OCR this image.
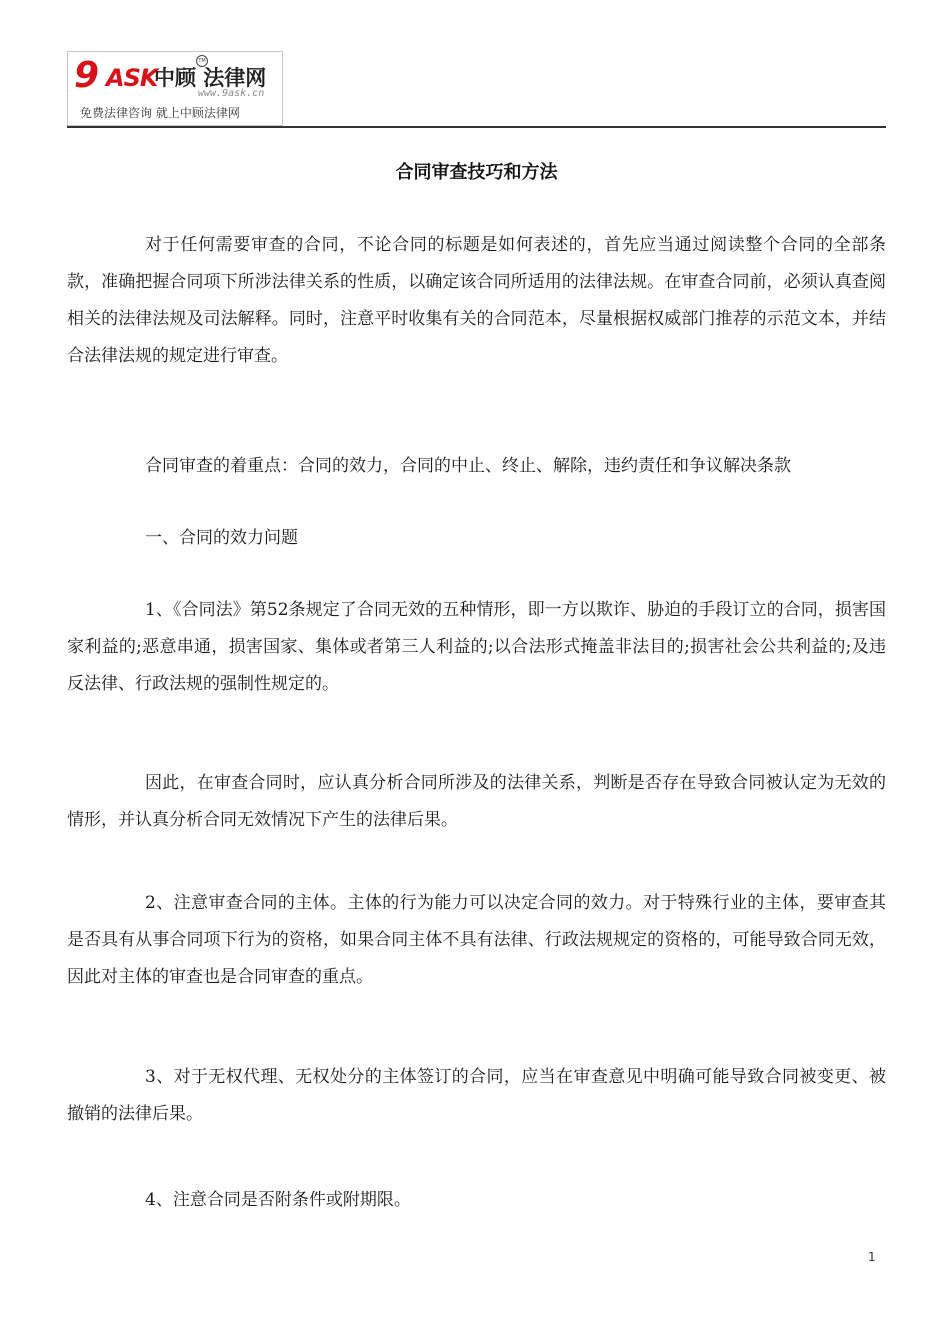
9 ASK
中顾 法律网
TM
www.9ask.cn
免费法律咨询 就上中顾法律网
合同审查技巧和方法

对于任何需要审查的合同，不论合同的标题是如何表述的，首先应当通过阅读整个合同的全部条款，准确把握合同项下所涉法律关系的性质，以确定该合同所适用的法律法规。在审查合同前，必须认真查阅相关的法律法规及司法解释。同时，注意平时收集有关的合同范本，尽量根据权威部门推荐的示范文本，并结合法律法规的规定进行审查。

合同审查的着重点：合同的效力，合同的中止、终止、解除，违约责任和争议解决条款

一、合同的效力问题

1、《合同法》第52条规定了合同无效的五种情形，即一方以欺诈、胁迫的手段订立的合同，损害国家利益的;恶意串通，损害国家、集体或者第三人利益的;以合法形式掩盖非法目的;损害社会公共利益的;及违反法律、行政法规的强制性规定的。

因此，在审查合同时，应认真分析合同所涉及的法律关系，判断是否存在导致合同被认定为无效的情形，并认真分析合同无效情况下产生的法律后果。

2、注意审查合同的主体。主体的行为能力可以决定合同的效力。对于特殊行业的主体，要审查其是否具有从事合同项下行为的资格，如果合同主体不具有法律、行政法规规定的资格的，可能导致合同无效，因此对主体的审查也是合同审查的重点。

3、对于无权代理、无权处分的主体签订的合同，应当在审查意见中明确可能导致合同被变更、被撤销的法律后果。

4、注意合同是否附条件或附期限。

1
